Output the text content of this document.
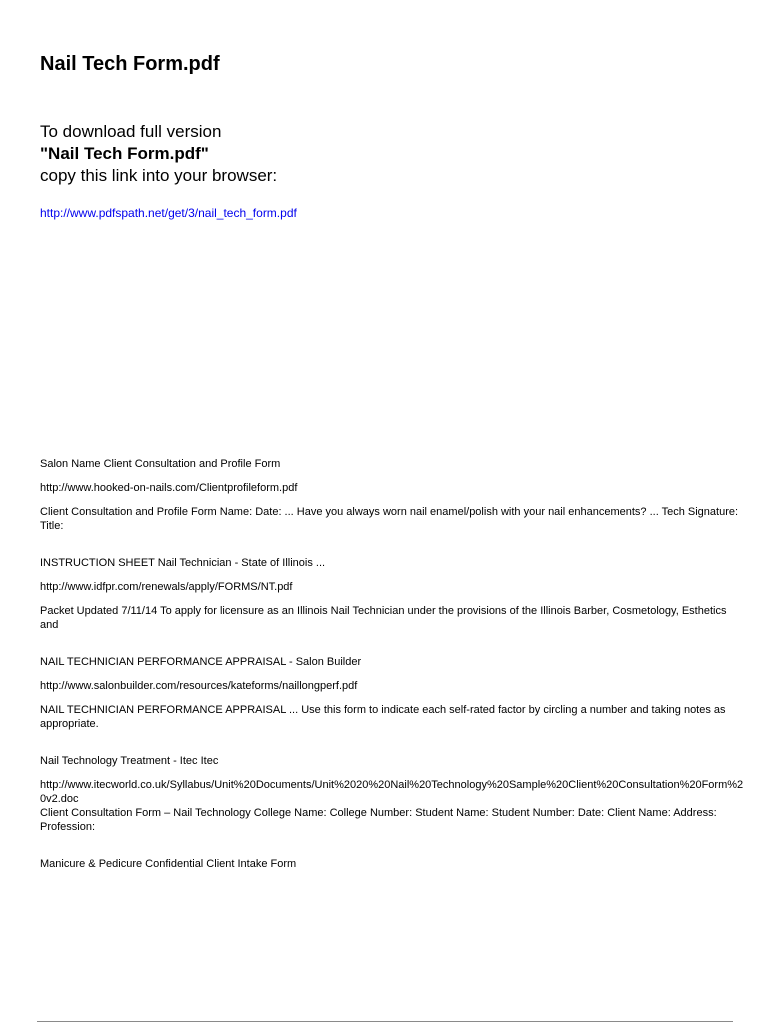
Nail Tech Form.pdf
To download full version
"Nail Tech Form.pdf"
copy this link into your browser:
http://www.pdfspath.net/get/3/nail_tech_form.pdf
Salon Name Client Consultation and Profile Form
http://www.hooked-on-nails.com/Clientprofileform.pdf
Client Consultation and Profile Form Name: Date: ... Have you always worn nail enamel/polish with your nail enhancements? ... Tech Signature: Title:
INSTRUCTION SHEET Nail Technician - State of Illinois ...
http://www.idfpr.com/renewals/apply/FORMS/NT.pdf
Packet Updated 7/11/14 To apply for licensure as an Illinois Nail Technician under the provisions of the Illinois Barber, Cosmetology, Esthetics and
NAIL TECHNICIAN PERFORMANCE APPRAISAL - Salon Builder
http://www.salonbuilder.com/resources/kateforms/naillongperf.pdf
NAIL TECHNICIAN PERFORMANCE APPRAISAL ... Use this form to indicate each self-rated factor by circling a number and taking notes as appropriate.
Nail Technology Treatment - Itec Itec
http://www.itecworld.co.uk/Syllabus/Unit%20Documents/Unit%2020%20Nail%20Technology%20Sample%20Client%20Consultation%20Form%20v2.doc
Client Consultation Form – Nail Technology College Name: College Number: Student Name: Student Number: Date: Client Name: Address: Profession:
Manicure & Pedicure Confidential Client Intake Form
